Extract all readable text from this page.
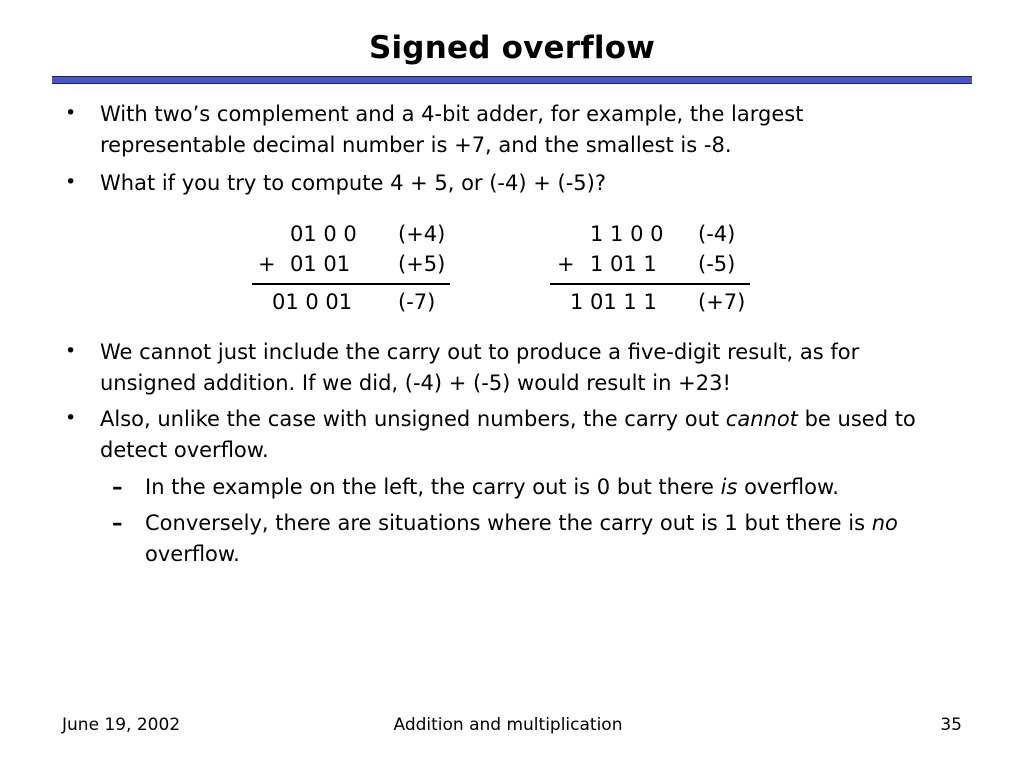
Signed overflow
• With two’s complement and a 4-bit adder, for example, the largest representable decimal number is +7, and the smallest is -8.
• What if you try to compute 4 + 5, or (-4) + (-5)?
01 0 0 (+4)
+ 01 01 (+5)
01 0 01 (-7)
1 1 0 0 (-4)
+ 1 01 1 (-5)
1 01 1 1 (+7)
• We cannot just include the carry out to produce a five-digit result, as for unsigned addition. If we did, (-4) + (-5) would result in +23!
• Also, unlike the case with unsigned numbers, the carry out cannot be used to detect overflow.
– In the example on the left, the carry out is 0 but there is overflow.
– Conversely, there are situations where the carry out is 1 but there is no overflow.
June 19, 2002	Addition and multiplication	35
